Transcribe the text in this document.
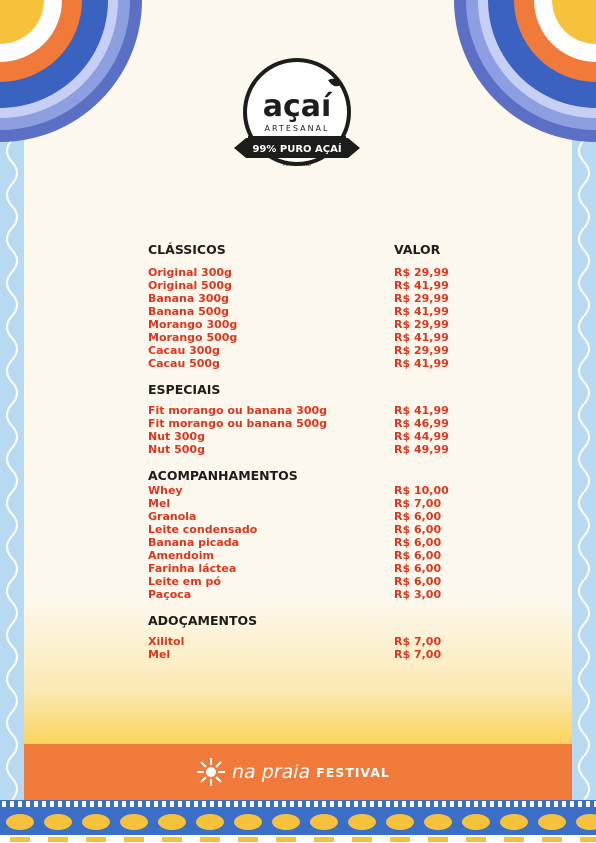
açaí
ARTESANAL
99% PURO AÇAÍ
PURPLE GOLD
CLÁSSICOS	VALOR
Original 300g	R$ 29,99
Original 500g	R$ 41,99
Banana 300g	R$ 29,99
Banana 500g	R$ 41,99
Morango 300g	R$ 29,99
Morango 500g	R$ 41,99
Cacau 300g	R$ 29,99
Cacau 500g	R$ 41,99
ESPECIAIS
Fit morango ou banana 300g	R$ 41,99
Fit morango ou banana 500g	R$ 46,99
Nut 300g	R$ 44,99
Nut 500g	R$ 49,99
ACOMPANHAMENTOS
Whey	R$ 10,00
Mel	R$ 7,00
Granola	R$ 6,00
Leite condensado	R$ 6,00
Banana picada	R$ 6,00
Amendoim	R$ 6,00
Farinha láctea	R$ 6,00
Leite em pó	R$ 6,00
Paçoca	R$ 3,00
ADOÇAMENTOS
Xilitol	R$ 7,00
Mel	R$ 7,00
na praia FESTIVAL
